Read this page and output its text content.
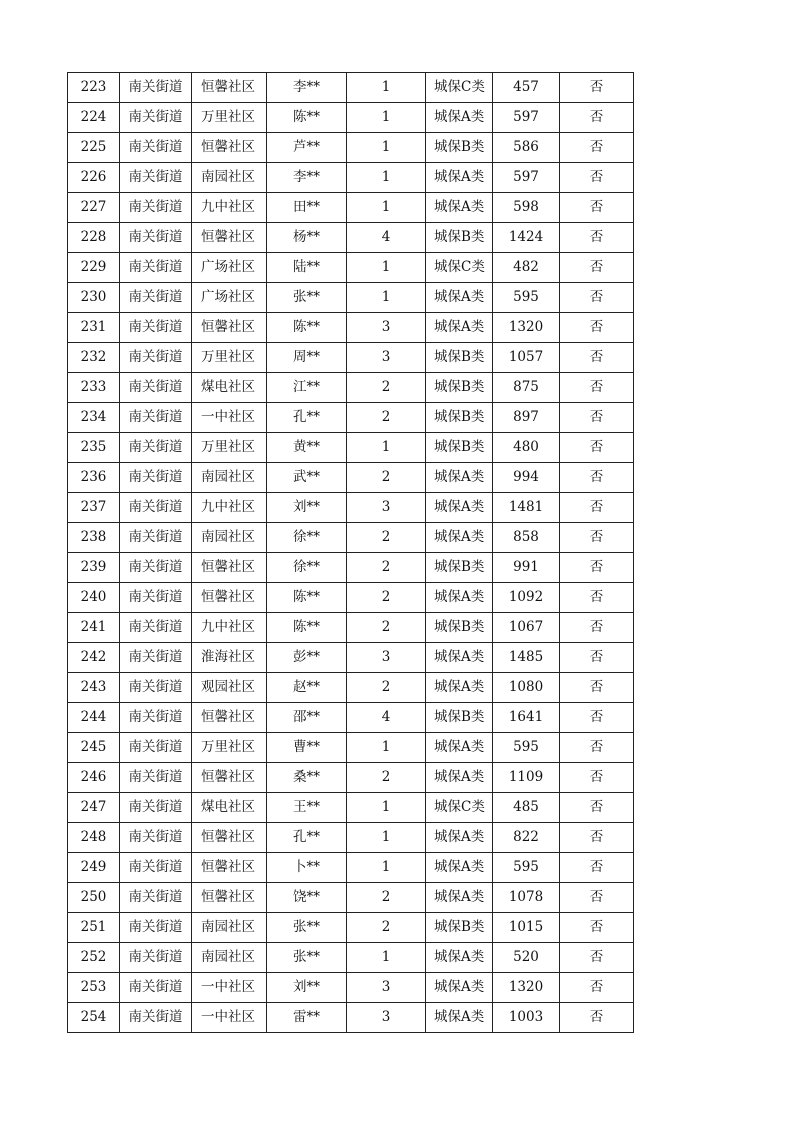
223	南关街道	恒馨社区	李**	1	城保C类	457	否
224	南关街道	万里社区	陈**	1	城保A类	597	否
225	南关街道	恒馨社区	芦**	1	城保B类	586	否
226	南关街道	南园社区	李**	1	城保A类	597	否
227	南关街道	九中社区	田**	1	城保A类	598	否
228	南关街道	恒馨社区	杨**	4	城保B类	1424	否
229	南关街道	广场社区	陆**	1	城保C类	482	否
230	南关街道	广场社区	张**	1	城保A类	595	否
231	南关街道	恒馨社区	陈**	3	城保A类	1320	否
232	南关街道	万里社区	周**	3	城保B类	1057	否
233	南关街道	煤电社区	江**	2	城保B类	875	否
234	南关街道	一中社区	孔**	2	城保B类	897	否
235	南关街道	万里社区	黄**	1	城保B类	480	否
236	南关街道	南园社区	武**	2	城保A类	994	否
237	南关街道	九中社区	刘**	3	城保A类	1481	否
238	南关街道	南园社区	徐**	2	城保A类	858	否
239	南关街道	恒馨社区	徐**	2	城保B类	991	否
240	南关街道	恒馨社区	陈**	2	城保A类	1092	否
241	南关街道	九中社区	陈**	2	城保B类	1067	否
242	南关街道	淮海社区	彭**	3	城保A类	1485	否
243	南关街道	观园社区	赵**	2	城保A类	1080	否
244	南关街道	恒馨社区	邵**	4	城保B类	1641	否
245	南关街道	万里社区	曹**	1	城保A类	595	否
246	南关街道	恒馨社区	桑**	2	城保A类	1109	否
247	南关街道	煤电社区	王**	1	城保C类	485	否
248	南关街道	恒馨社区	孔**	1	城保A类	822	否
249	南关街道	恒馨社区	卜**	1	城保A类	595	否
250	南关街道	恒馨社区	饶**	2	城保A类	1078	否
251	南关街道	南园社区	张**	2	城保B类	1015	否
252	南关街道	南园社区	张**	1	城保A类	520	否
253	南关街道	一中社区	刘**	3	城保A类	1320	否
254	南关街道	一中社区	雷**	3	城保A类	1003	否
